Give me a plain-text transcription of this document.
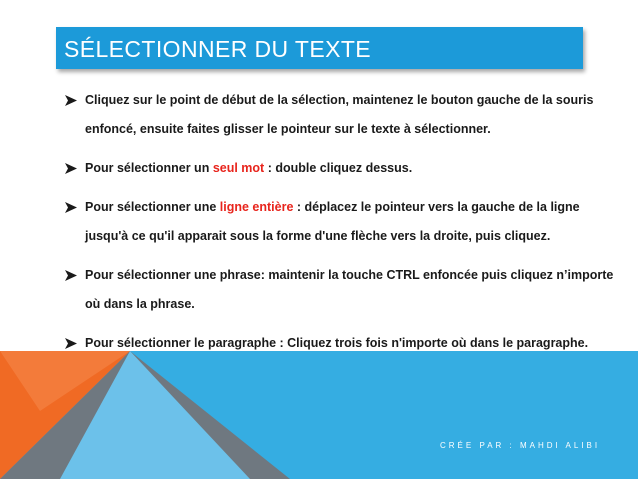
SÉLECTIONNER DU TEXTE
Cliquez sur le point de début de la sélection, maintenez le bouton gauche de la souris enfoncé, ensuite faites glisser le pointeur sur le texte à sélectionner.
Pour sélectionner un seul mot : double cliquez dessus.
Pour sélectionner une ligne entière : déplacez le pointeur vers la gauche de la ligne jusqu'à ce qu'il apparait sous la forme d'une flèche vers la droite, puis cliquez.
Pour sélectionner une phrase: maintenir la touche CTRL enfoncée puis cliquez n’importe où dans la phrase.
Pour sélectionner le paragraphe : Cliquez trois fois n'importe où dans le paragraphe.
CRÉE PAR : MAHDI ALIBI
